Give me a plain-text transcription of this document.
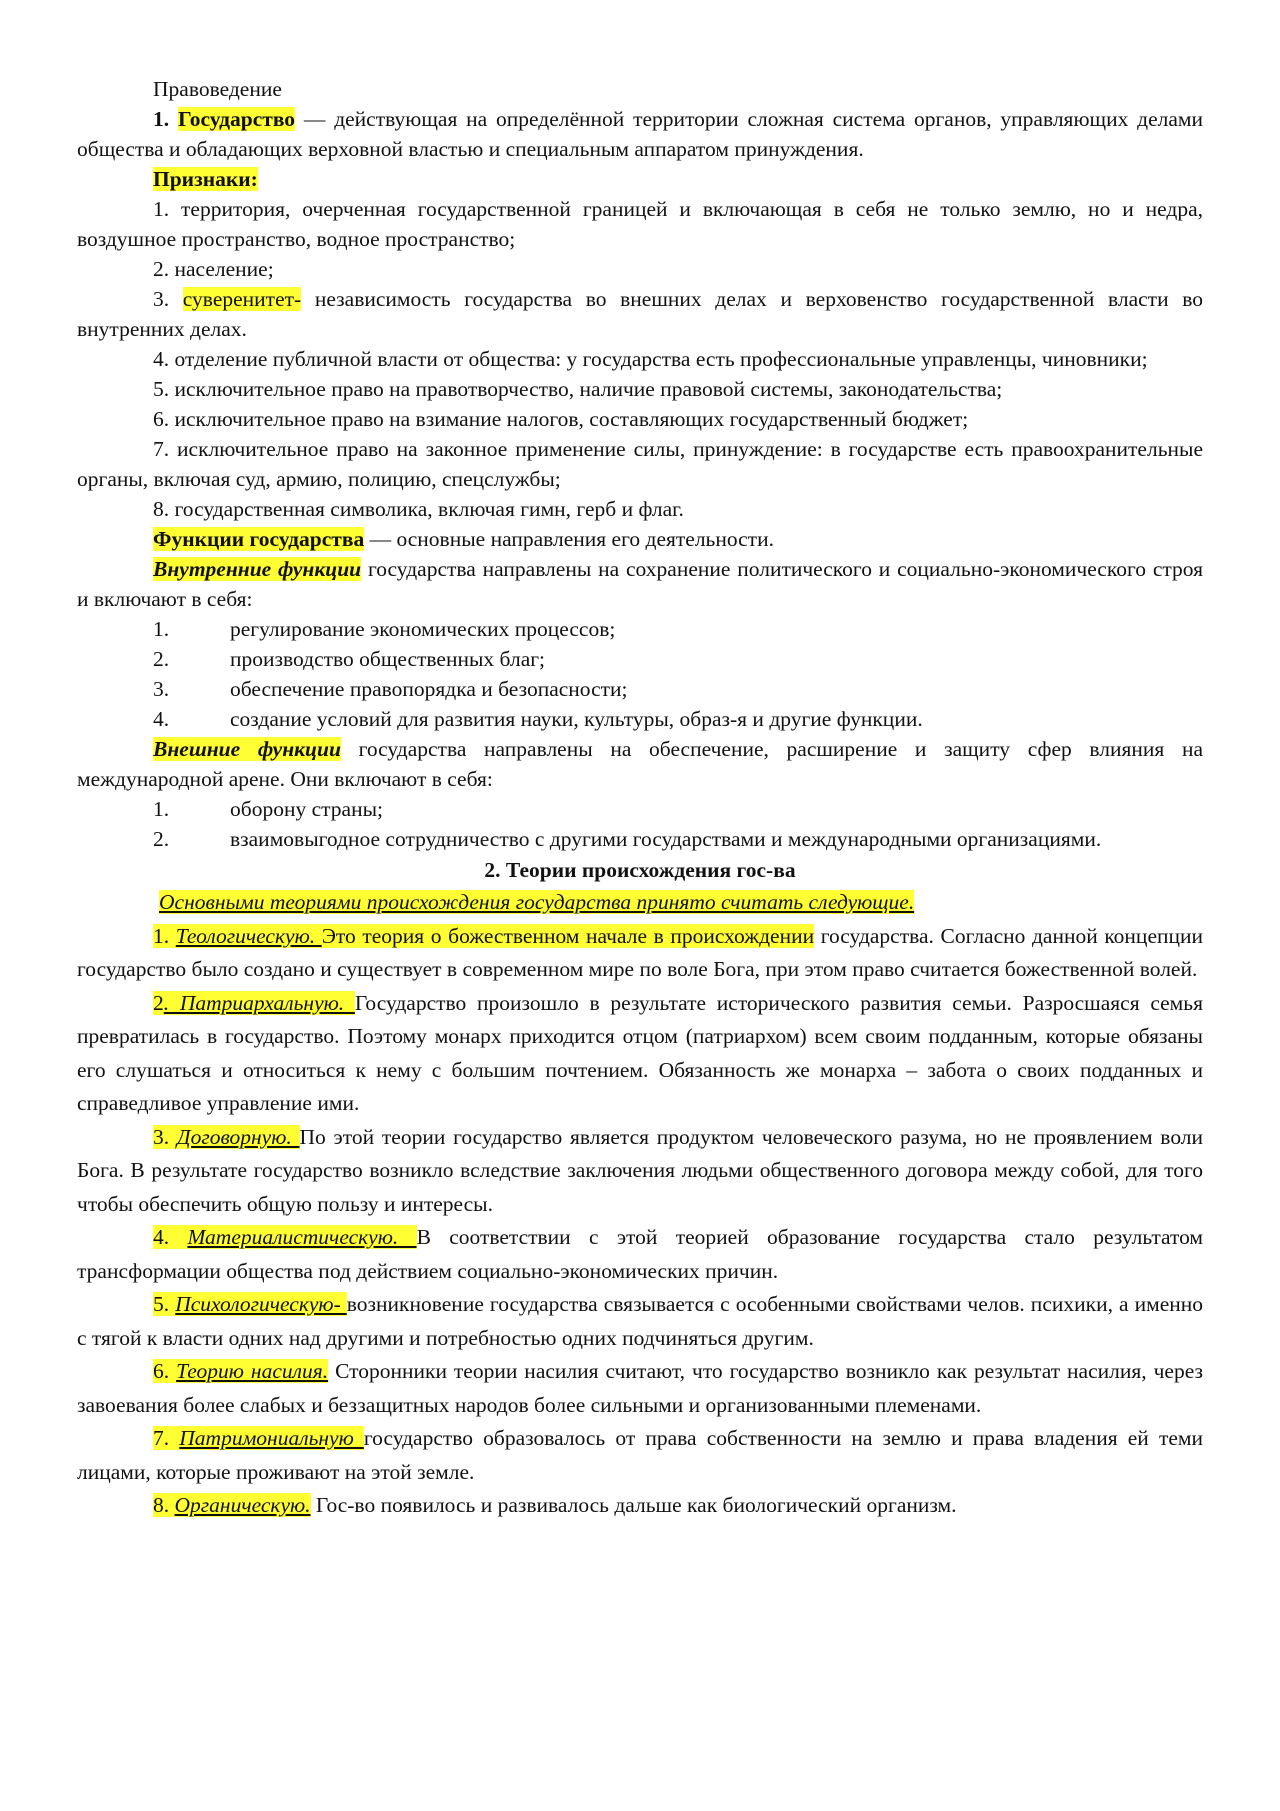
Правоведение

1. Государство — действующая на определённой территории сложная система органов, управляющих делами общества и обладающих верховной властью и специальным аппаратом принуждения.

Признаки:

1. территория, очерченная государственной границей и включающая в себя не только землю, но и недра, воздушное пространство, водное пространство;

2. население;

3. суверенитет- независимость государства во внешних делах и верховенство государственной власти во внутренних делах.

4. отделение публичной власти от общества: у государства есть профессиональные управленцы, чиновники;

5. исключительное право на правотворчество, наличие правовой системы, законодательства;

6. исключительное право на взимание налогов, составляющих государственный бюджет;

7. исключительное право на законное применение силы, принуждение: в государстве есть правоохранительные органы, включая суд, армию, полицию, спецслужбы;

8. государственная символика, включая гимн, герб и флаг.

Функции государства — основные направления его деятельности.

Внутренние функции государства направлены на сохранение политического и социально-экономического строя и включают в себя:

1.	регулирование экономических процессов;
2.	производство общественных благ;
3.	обеспечение правопорядка и безопасности;
4.	создание условий для развития науки, культуры, образ-я и другие функции.

Внешние функции государства направлены на обеспечение, расширение и защиту сфер влияния на международной арене. Они включают в себя:

1.	оборону страны;

2.	взаимовыгодное сотрудничество с другими государствами и международными организациями.

2. Теории происхождения гос-ва

Основными теориями происхождения государства принято считать следующие.

1. Теологическую. Это теория о божественном начале в происхождении государства. Согласно данной концепции государство было создано и существует в современном мире по воле Бога, при этом право считается божественной волей.

2. Патриархальную. Государство произошло в результате исторического развития семьи. Разросшаяся семья превратилась в государство. Поэтому монарх приходится отцом (патриархом) всем своим подданным, которые обязаны его слушаться и относиться к нему с большим почтением. Обязанность же монарха – забота о своих подданных и справедливое управление ими.

3. Договорную. По этой теории государство является продуктом человеческого разума, но не проявлением воли Бога. В результате государство возникло вследствие заключения людьми общественного договора между собой, для того чтобы обеспечить общую пользу и интересы.

4. Материалистическую. В соответствии с этой теорией образование государства стало результатом трансформации общества под действием социально-экономических причин.

5. Психологическую- возникновение государства связывается с особенными свойствами челов. психики, а именно с тягой к власти одних над другими и потребностью одних подчиняться другим.

6. Теорию насилия. Сторонники теории насилия считают, что государство возникло как результат насилия, через завоевания более слабых и беззащитных народов более сильными и организованными племенами.

7. Патримониальную государство образовалось от права собственности на землю и права владения ей теми лицами, которые проживают на этой земле.

8. Органическую. Гос-во появилось и развивалось дальше как биологический организм.
